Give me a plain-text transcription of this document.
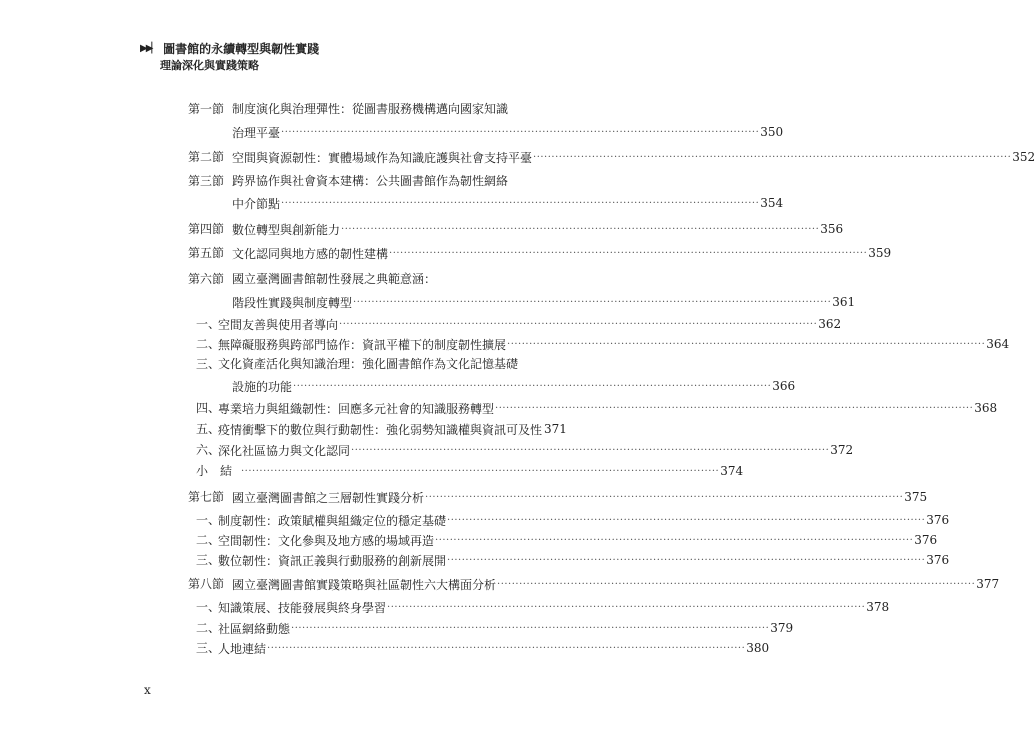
▶▶▏ 圖書館的永續轉型與韌性實踐
理論深化與實踐策略
第一節 制度演化與治理彈性：從圖書服務機構邁向國家知識
治理平臺 ·································································································································· 350
第二節 空間與資源韌性：實體場域作為知識庇護與社會支持平臺 ·································································································································· 352
第三節 跨界協作與社會資本建構：公共圖書館作為韌性網絡
中介節點 ·································································································································· 354
第四節 數位轉型與創新能力 ·································································································································· 356
第五節 文化認同與地方感的韌性建構 ·································································································································· 359
第六節 國立臺灣圖書館韌性發展之典範意涵：
階段性實踐與制度轉型 ·································································································································· 361
一、
空間友善與使用者導向 ·································································································································· 362
二、
無障礙服務與跨部門協作：資訊平權下的制度韌性擴展 ·································································································································· 364
三、
文化資產活化與知識治理：強化圖書館作為文化記憶基礎
設施的功能 ·································································································································· 366
四、
專業培力與組織韌性：回應多元社會的知識服務轉型 ·································································································································· 368
五、
疫情衝擊下的數位與行動韌性：強化弱勢知識權與資訊可及性 371
六、
深化社區協力與文化認同 ·································································································································· 372
小　結 ·································································································································· 374
第七節 國立臺灣圖書館之三層韌性實踐分析 ·································································································································· 375
一、
制度韌性：政策賦權與組織定位的穩定基礎 ·································································································································· 376
二、
空間韌性：文化參與及地方感的場域再造 ·································································································································· 376
三、
數位韌性：資訊正義與行動服務的創新展開 ·································································································································· 376
第八節 國立臺灣圖書館實踐策略與社區韌性六大構面分析 ·································································································································· 377
一、
知識策展、技能發展與終身學習 ·································································································································· 378
二、
社區網絡動態 ·································································································································· 379
三、
人地連結 ·································································································································· 380
x
